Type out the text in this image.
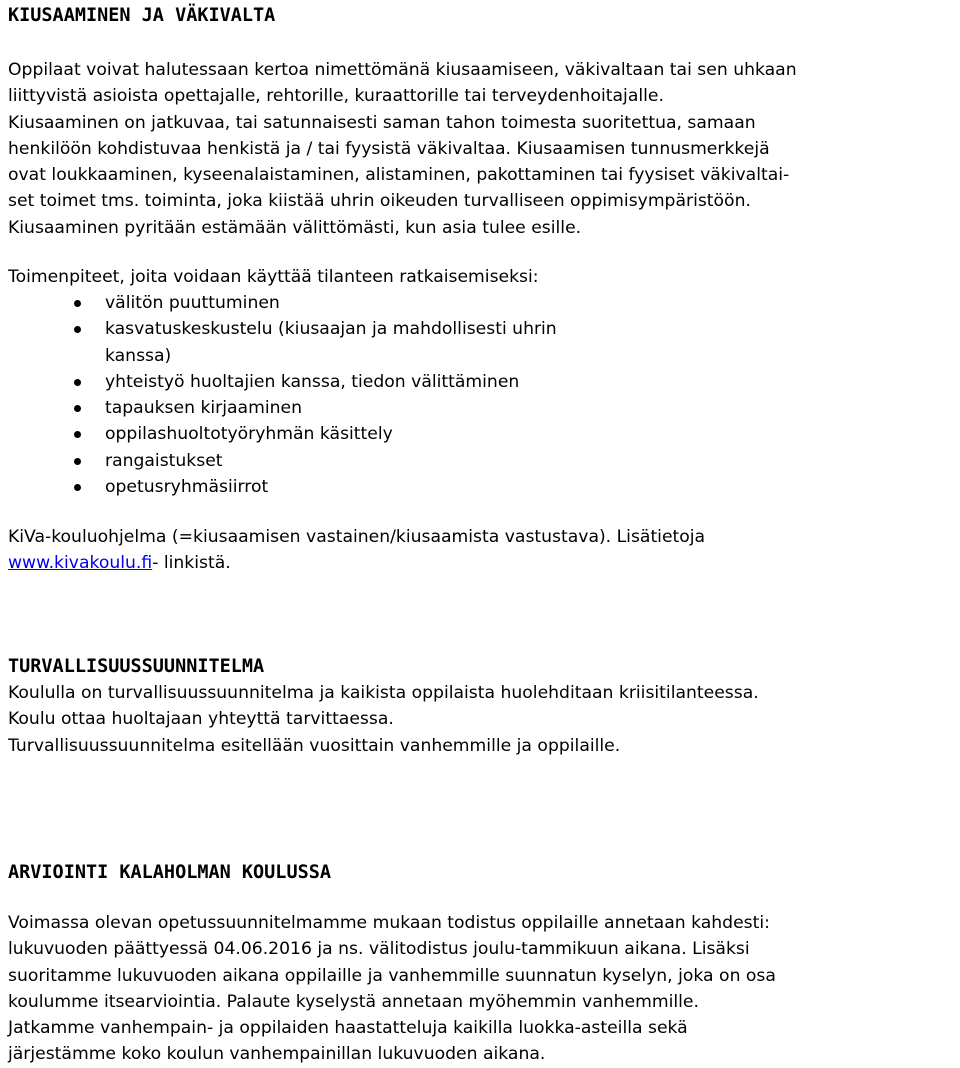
KIUSAAMINEN JA VÄKIVALTA
Oppilaat voivat halutessaan kertoa nimettömänä kiusaamiseen, väkivaltaan tai sen uhkaan
liittyvistä asioista opettajalle, rehtorille, kuraattorille tai terveydenhoitajalle.
Kiusaaminen on jatkuvaa, tai satunnaisesti saman tahon toimesta suoritettua, samaan
henkilöön kohdistuvaa henkistä ja / tai fyysistä väkivaltaa. Kiusaamisen tunnusmerkkejä
ovat loukkaaminen, kyseenalaistaminen, alistaminen, pakottaminen tai fyysiset väkivaltai-
set toimet tms. toiminta, joka kiistää uhrin oikeuden turvalliseen oppimisympäristöön.
Kiusaaminen pyritään estämään välittömästi, kun asia tulee esille.
Toimenpiteet, joita voidaan käyttää tilanteen ratkaisemiseksi:
välitön puuttuminen
kasvatuskeskustelu (kiusaajan ja mahdollisesti uhrin
kanssa)
yhteistyö huoltajien kanssa, tiedon välittäminen
tapauksen kirjaaminen
oppilashuoltotyöryhmän käsittely
rangaistukset
opetusryhmäsiirrot
KiVa-kouluohjelma (=kiusaamisen vastainen/kiusaamista vastustava). Lisätietoja
www.kivakoulu.fi- linkistä.
TURVALLISUUSSUUNNITELMA
Koululla on turvallisuussuunnitelma ja kaikista oppilaista huolehditaan kriisitilanteessa.
Koulu ottaa huoltajaan yhteyttä tarvittaessa.
Turvallisuussuunnitelma esitellään vuosittain vanhemmille ja oppilaille.
ARVIOINTI KALAHOLMAN KOULUSSA
Voimassa olevan opetussuunnitelmamme mukaan todistus oppilaille annetaan kahdesti:
lukuvuoden päättyessä 04.06.2016 ja ns. välitodistus joulu-tammikuun aikana. Lisäksi
suoritamme lukuvuoden aikana oppilaille ja vanhemmille suunnatun kyselyn, joka on osa
koulumme itsearviointia. Palaute kyselystä annetaan myöhemmin vanhemmille.
Jatkamme vanhempain- ja oppilaiden haastatteluja kaikilla luokka-asteilla sekä
järjestämme koko koulun vanhempainillan lukuvuoden aikana.
